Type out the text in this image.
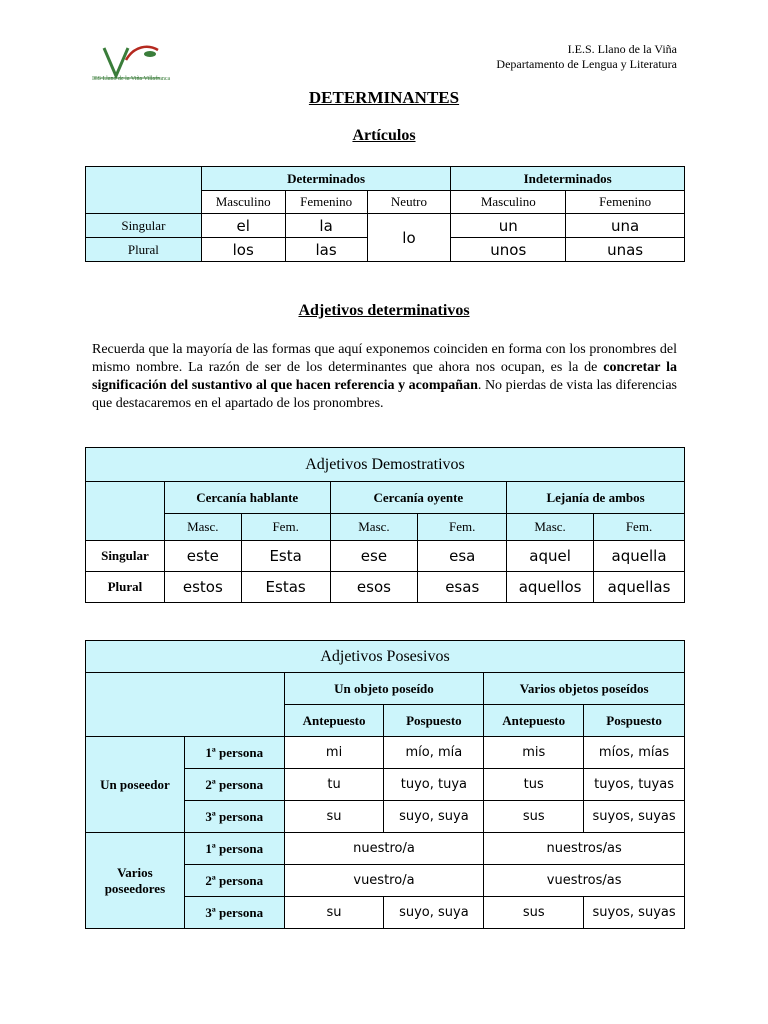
IES Llano de la Viña Villafranca
I.E.S. Llano de la Viña
Departamento de Lengua y Literatura
DETERMINANTES
Artículos
	Determinados			Indeterminados	
	Masculino	Femenino	Neutro	Masculino	Femenino
Singular	el	la	lo	un	una
Plural	los	las		unos	unas
Adjetivos determinativos
Recuerda que la mayoría de las formas que aquí exponemos coinciden en forma con los pronombres del mismo nombre. La razón de ser de los determinantes que ahora nos ocupan, es la de concretar la significación del sustantivo al que hacen referencia y acompañan. No pierdas de vista las diferencias que destacaremos en el apartado de los pronombres.
Adjetivos Demostrativos						
	Cercanía hablante		Cercanía oyente		Lejanía de ambos	
	Masc.	Fem.	Masc.	Fem.	Masc.	Fem.
Singular	este	Esta	ese	esa	aquel	aquella
Plural	estos	Estas	esos	esas	aquellos	aquellas
Adjetivos Posesivos					
		Un objeto poseído		Varios objetos poseídos	
		Antepuesto	Pospuesto	Antepuesto	Pospuesto
Un poseedor	1ª persona	mi	mío, mía	mis	míos, mías
	2ª persona	tu	tuyo, tuya	tus	tuyos, tuyas
	3ª persona	su	suyo, suya	sus	suyos, suyas
Varios poseedores	1ª persona	nuestro/a		nuestros/as	
	2ª persona	vuestro/a		vuestros/as	
	3ª persona	su	suyo, suya	sus	suyos, suyas
